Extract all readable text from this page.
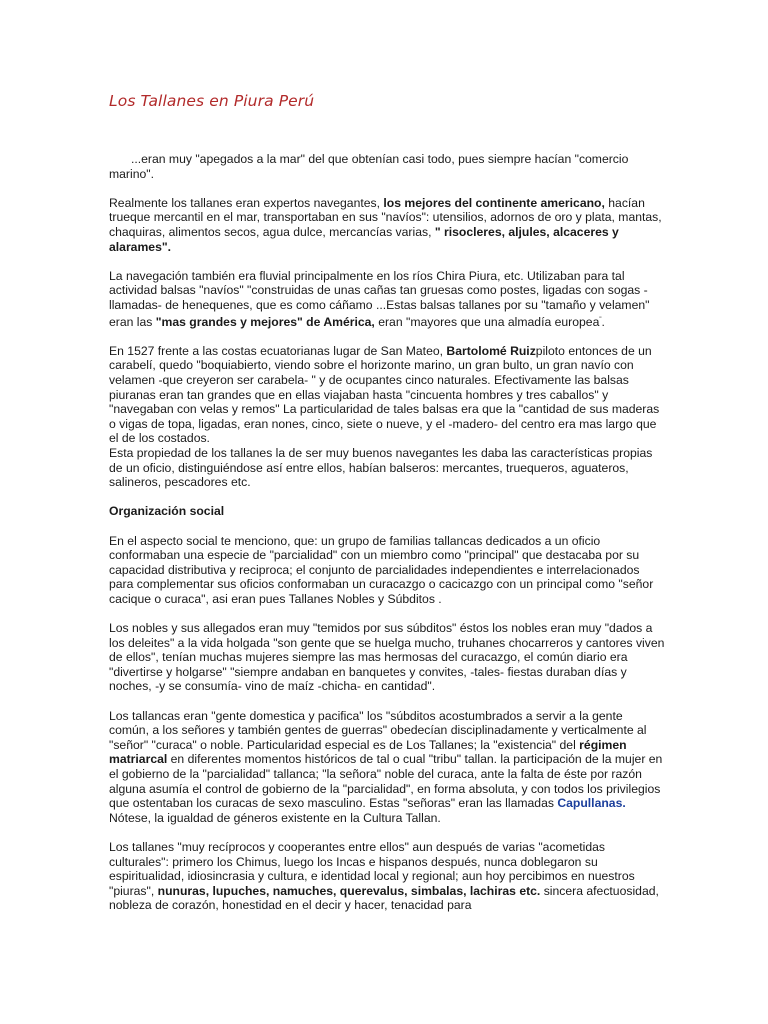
Los Tallanes en Piura Perú

...eran muy "apegados a la mar" del que obtenían casi todo, pues siempre hacían "comercio marino".

Realmente los tallanes eran expertos navegantes, los mejores del continente americano, hacían trueque mercantil en el mar, transportaban en sus "navíos": utensilios, adornos de oro y plata, mantas, chaquiras, alimentos secos, agua dulce, mercancías varias, " risocleres, aljules, alcaceres y alarames".

La navegación también era fluvial principalmente en los ríos Chira Piura, etc. Utilizaban para tal actividad balsas "navíos" "construidas de unas cañas tan gruesas como postes, ligadas con sogas -llamadas- de henequenes, que es como cáñamo ...Estas balsas tallanes por su "tamaño y velamen" eran las "mas grandes y mejores" de América, eran "mayores que una almadía europea".

En 1527 frente a las costas ecuatorianas lugar de San Mateo, Bartolomé Ruizpiloto entonces de un carabelí, quedo "boquiabierto, viendo sobre el horizonte marino, un gran bulto, un gran navío con velamen -que creyeron ser carabela- " y de ocupantes cinco naturales. Efectivamente las balsas piuranas eran tan grandes que en ellas viajaban hasta "cincuenta hombres y tres caballos" y "navegaban con velas y remos" La particularidad de tales balsas era que la "cantidad de sus maderas o vigas de topa, ligadas, eran nones, cinco, siete o nueve, y el -madero- del centro era mas largo que el de los costados.
Esta propiedad de los tallanes la de ser muy buenos navegantes les daba las características propias de un oficio, distinguiéndose así entre ellos, habían balseros: mercantes, truequeros, aguateros, salineros, pescadores etc.

Organización social

En el aspecto social te menciono, que: un grupo de familias tallancas dedicados a un oficio conformaban una especie de "parcialidad" con un miembro como "principal" que destacaba por su capacidad distributiva y reciproca; el conjunto de parcialidades independientes e interrelacionados para complementar sus oficios conformaban un curacazgo o cacicazgo con un principal como "señor cacique o curaca", asi eran pues Tallanes Nobles y Súbditos .

Los nobles y sus allegados eran muy "temidos por sus súbditos" éstos los nobles eran muy "dados a los deleites" a la vida holgada "son gente que se huelga mucho, truhanes chocarreros y cantores viven de ellos", tenían muchas mujeres siempre las mas hermosas del curacazgo, el común diario era "divertirse y holgarse" "siempre andaban en banquetes y convites, -tales- fiestas duraban días y noches, -y se consumía- vino de maíz -chicha- en cantidad".

Los tallancas eran "gente domestica y pacifica" los "súbditos acostumbrados a servir a la gente común, a los señores y también gentes de guerras" obedecían disciplinadamente y verticalmente al "señor" "curaca" o noble. Particularidad especial es de Los Tallanes; la "existencia" del régimen matriarcal en diferentes momentos históricos de tal o cual "tribu" tallan. la participación de la mujer en el gobierno de la "parcialidad" tallanca; "la señora" noble del curaca, ante la falta de éste por razón alguna asumía el control de gobierno de la "parcialidad", en forma absoluta, y con todos los privilegios que ostentaban los curacas de sexo masculino. Estas "señoras" eran las llamadas Capullanas. Nótese, la igualdad de géneros existente en la Cultura Tallan.

Los tallanes "muy recíprocos y cooperantes entre ellos" aun después de varias "acometidas culturales": primero los Chimus, luego los Incas e hispanos después, nunca doblegaron su espiritualidad, idiosincrasia y cultura, e identidad local y regional; aun hoy percibimos en nuestros "piuras", nunuras, lupuches, namuches, querevalus, simbalas, lachiras etc. sincera afectuosidad, nobleza de corazón, honestidad en el decir y hacer, tenacidad para
